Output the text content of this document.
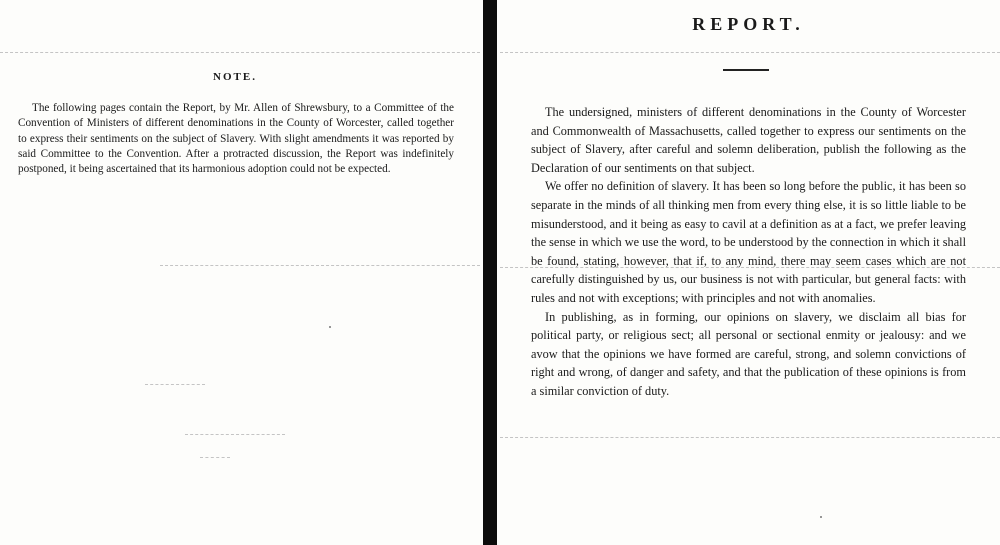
NOTE.

The following pages contain the Report, by Mr. Allen of Shrewsbury, to a Committee of the Convention of Ministers of different denominations in the County of Worcester, called together to express their sentiments on the subject of Slavery. With slight amendments it was reported by said Committee to the Convention. After a protracted discussion, the Report was indefinitely postponed, it being ascertained that its harmonious adoption could not be expected.

REPORT.

The undersigned, ministers of different denominations in the County of Worcester and Commonwealth of Massachusetts, called together to express our sentiments on the subject of Slavery, after careful and solemn deliberation, publish the following as the Declaration of our sentiments on that subject.

We offer no definition of slavery. It has been so long before the public, it has been so separate in the minds of all thinking men from every thing else, it is so little liable to be misunderstood, and it being as easy to cavil at a definition as at a fact, we prefer leaving the sense in which we use the word, to be understood by the connection in which it shall be found, stating, however, that if, to any mind, there may seem cases which are not carefully distinguished by us, our business is not with particular, but general facts: with rules and not with exceptions; with principles and not with anomalies.

In publishing, as in forming, our opinions on slavery, we disclaim all bias for political party, or religious sect; all personal or sectional enmity or jealousy: and we avow that the opinions we have formed are careful, strong, and solemn convictions of right and wrong, of danger and safety, and that the publication of these opinions is from a similar conviction of duty.
